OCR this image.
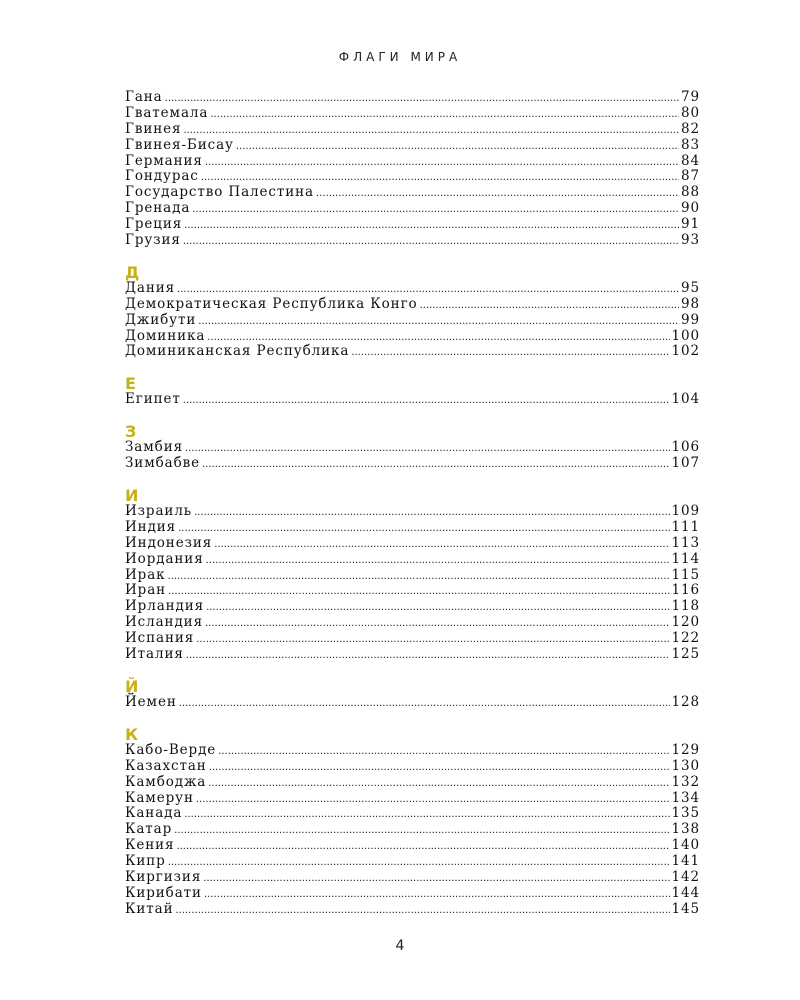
ФЛАГИ МИРА
Гана .....	79
Гватемала .....	80
Гвинея .....	82
Гвинея-Бисау .....	83
Германия .....	84
Гондурас .....	87
Государство Палестина .....	88
Гренада .....	90
Греция .....	91
Грузия .....	93
Д
Дания .....	95
Демократическая Республика Конго .....	98
Джибути .....	99
Доминика .....	100
Доминиканская Республика .....	102
Е
Египет .....	104
З
Замбия .....	106
Зимбабве .....	107
И
Израиль .....	109
Индия .....	111
Индонезия .....	113
Иордания .....	114
Ирак .....	115
Иран .....	116
Ирландия .....	118
Исландия .....	120
Испания .....	122
Италия .....	125
Й
Йемен .....	128
К
Кабо-Верде .....	129
Казахстан .....	130
Камбоджа .....	132
Камерун .....	134
Канада .....	135
Катар .....	138
Кения .....	140
Кипр .....	141
Киргизия .....	142
Кирибати .....	144
Китай .....	145
4
